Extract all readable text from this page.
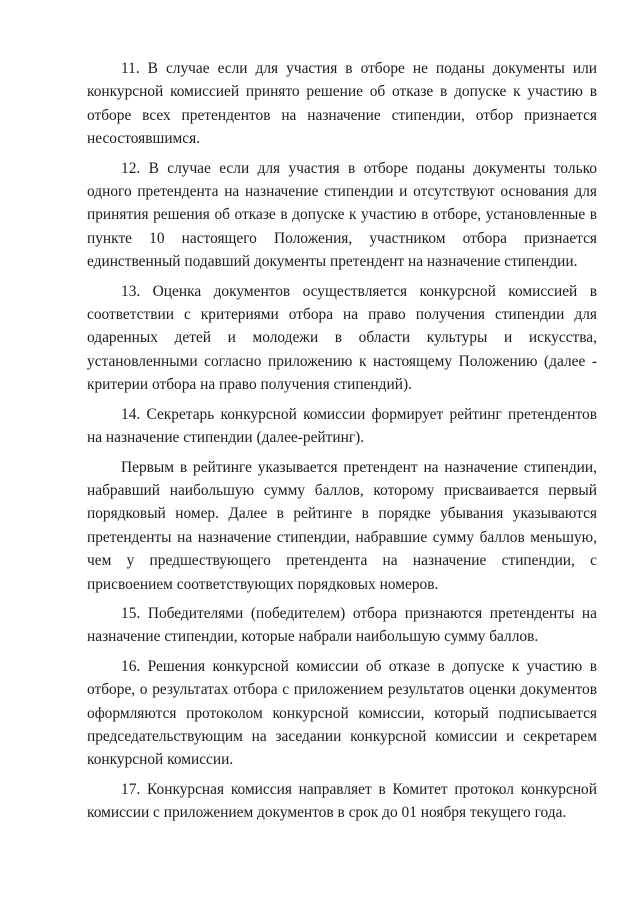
11. В случае если для участия в отборе не поданы документы или конкурсной комиссией принято решение об отказе в допуске к участию в отборе всех претендентов на назначение стипендии, отбор признается несостоявшимся.

12. В случае если для участия в отборе поданы документы только одного претендента на назначение стипендии и отсутствуют основания для принятия решения об отказе в допуске к участию в отборе, установленные в пункте 10 настоящего Положения, участником отбора признается единственный подавший документы претендент на назначение стипендии.

13. Оценка документов осуществляется конкурсной комиссией в соответствии с критериями отбора на право получения стипендии для одаренных детей и молодежи в области культуры и искусства, установленными согласно приложению к настоящему Положению (далее - критерии отбора на право получения стипендий).

14. Секретарь конкурсной комиссии формирует рейтинг претендентов на назначение стипендии (далее-рейтинг).

Первым в рейтинге указывается претендент на назначение стипендии, набравший наибольшую сумму баллов, которому присваивается первый порядковый номер. Далее в рейтинге в порядке убывания указываются претенденты на назначение стипендии, набравшие сумму баллов меньшую, чем у предшествующего претендента на назначение стипендии, с присвоением соответствующих порядковых номеров.

15. Победителями (победителем) отбора признаются претенденты на назначение стипендии, которые набрали наибольшую сумму баллов.

16. Решения конкурсной комиссии об отказе в допуске к участию в отборе, о результатах отбора с приложением результатов оценки документов оформляются протоколом конкурсной комиссии, который подписывается председательствующим на заседании конкурсной комиссии и секретарем конкурсной комиссии.

17. Конкурсная комиссия направляет в Комитет протокол конкурсной комиссии с приложением документов в срок до 01 ноября текущего года.
